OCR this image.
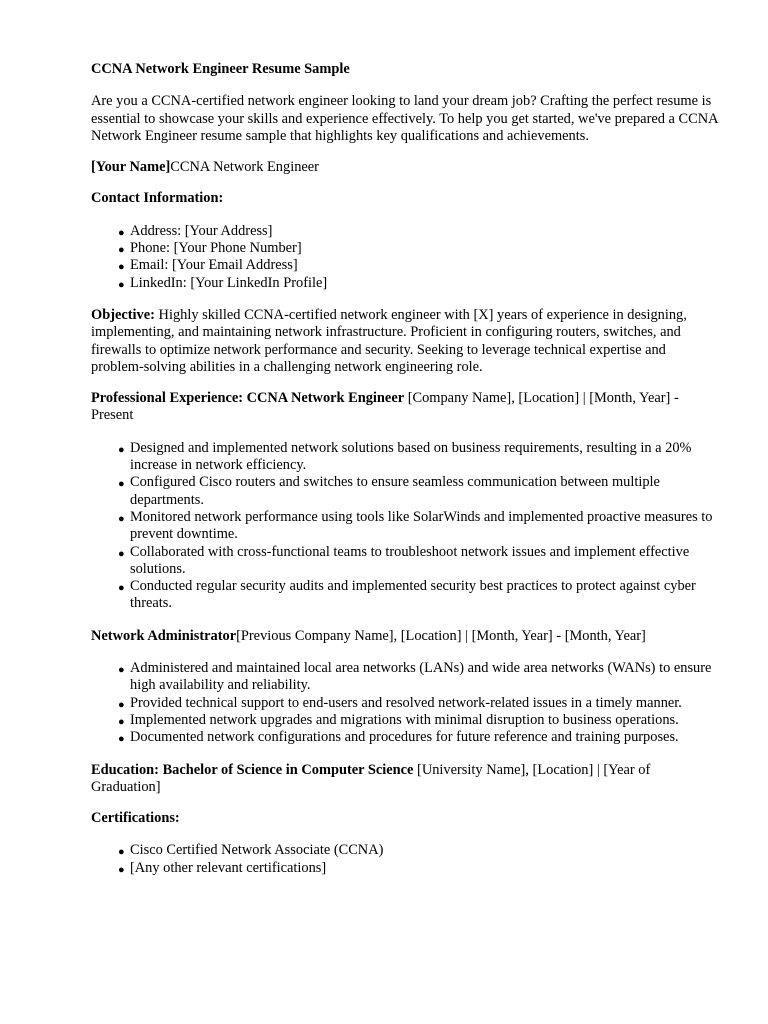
CCNA Network Engineer Resume Sample

Are you a CCNA-certified network engineer looking to land your dream job? Crafting the perfect resume is essential to showcase your skills and experience effectively. To help you get started, we've prepared a CCNA Network Engineer resume sample that highlights key qualifications and achievements.

[Your Name]CCNA Network Engineer

Contact Information:

● Address: [Your Address]
● Phone: [Your Phone Number]
● Email: [Your Email Address]
● LinkedIn: [Your LinkedIn Profile]

Objective: Highly skilled CCNA-certified network engineer with [X] years of experience in designing, implementing, and maintaining network infrastructure. Proficient in configuring routers, switches, and firewalls to optimize network performance and security. Seeking to leverage technical expertise and problem-solving abilities in a challenging network engineering role.

Professional Experience: CCNA Network Engineer [Company Name], [Location] | [Month, Year] - Present

● Designed and implemented network solutions based on business requirements, resulting in a 20% increase in network efficiency.
● Configured Cisco routers and switches to ensure seamless communication between multiple departments.
● Monitored network performance using tools like SolarWinds and implemented proactive measures to prevent downtime.
● Collaborated with cross-functional teams to troubleshoot network issues and implement effective solutions.
● Conducted regular security audits and implemented security best practices to protect against cyber threats.

Network Administrator[Previous Company Name], [Location] | [Month, Year] - [Month, Year]

● Administered and maintained local area networks (LANs) and wide area networks (WANs) to ensure high availability and reliability.
● Provided technical support to end-users and resolved network-related issues in a timely manner.
● Implemented network upgrades and migrations with minimal disruption to business operations.
● Documented network configurations and procedures for future reference and training purposes.

Education: Bachelor of Science in Computer Science [University Name], [Location] | [Year of Graduation]

Certifications:

● Cisco Certified Network Associate (CCNA)
● [Any other relevant certifications]
